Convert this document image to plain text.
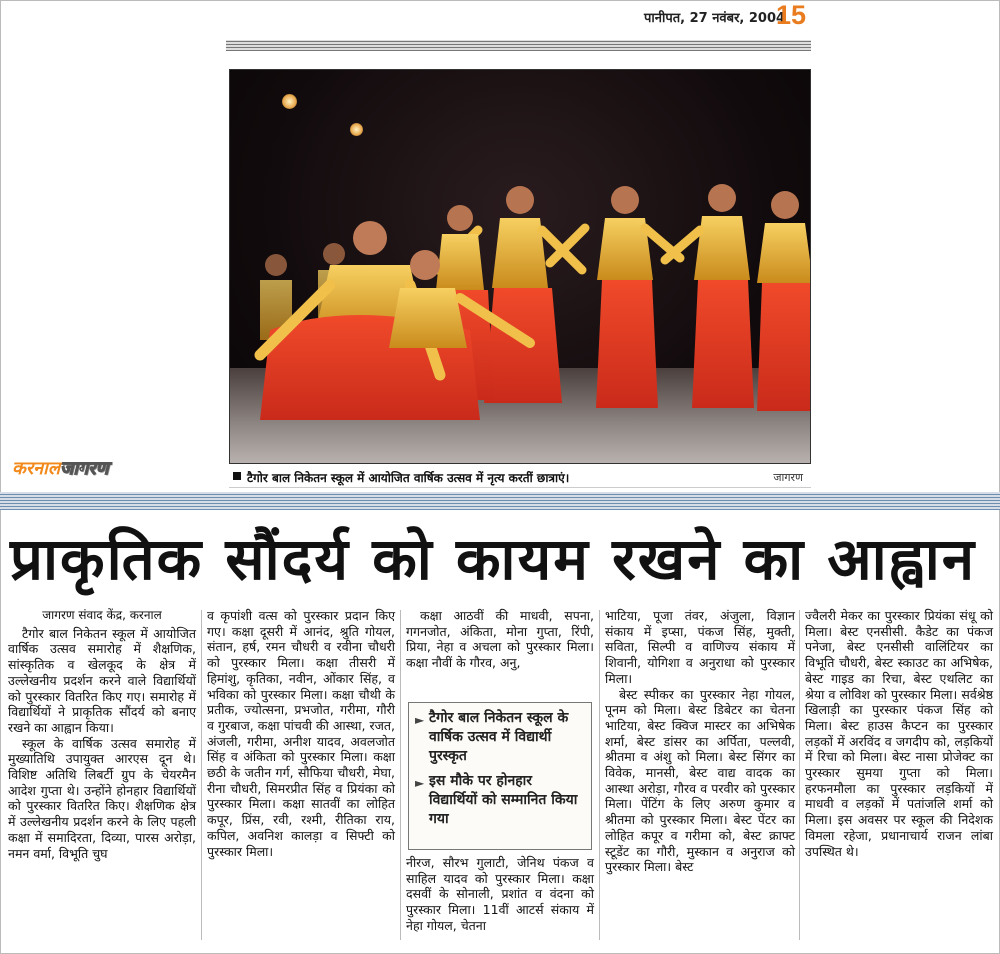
पानीपत, 27 नवंबर, 2004
15
करनालजागरण	टैगोर बाल निकेतन स्कूल में आयोजित वार्षिक उत्सव में नृत्य करतीं छात्राएं।	जागरण
प्राकृतिक सौंदर्य को कायम रखने का आह्वान
जागरण संवाद केंद्र, करनाल

टैगोर बाल निकेतन स्कूल में आयोजित वार्षिक उत्सव समारोह में शैक्षणिक, सांस्कृतिक व खेलकूद के क्षेत्र में उल्लेखनीय प्रदर्शन करने वाले विद्यार्थियों को पुरस्कार वितरित किए गए। समारोह में विद्यार्थियों ने प्राकृतिक सौंदर्य को बनाए रखने का आह्वान किया।

स्कूल के वार्षिक उत्सव समारोह में मुख्यातिथि उपायुक्त आरएस दून थे। विशिष्ट अतिथि लिबर्टी ग्रुप के चेयरमैन आदेश गुप्ता थे। उन्होंने होनहार विद्यार्थियों को पुरस्कार वितरित किए। शैक्षणिक क्षेत्र में उल्लेखनीय प्रदर्शन करने के लिए पहली कक्षा में समादिरता, दिव्या, पारस अरोड़ा, नमन वर्मा, विभूति चुघ

व कृपांशी वत्स को पुरस्कार प्रदान किए गए। कक्षा दूसरी में आनंद, श्रुति गोयल, संतान, हर्ष, रमन चौधरी व रवीना चौधरी को पुरस्कार मिला। कक्षा तीसरी में हिमांशु, कृतिका, नवीन, ओंकार सिंह, व भविका को पुरस्कार मिला। कक्षा चौथी के प्रतीक, ज्योत्सना, प्रभजोत, गरीमा, गौरी व गुरबाज, कक्षा पांचवी की आस्था, रजत, अंजली, गरीमा, अनीश यादव, अवलजोत सिंह व अंकिता को पुरस्कार मिला। कक्षा छठी के जतीन गर्ग, सौफिया चौधरी, मेघा, रीना चौधरी, सिमरप्रीत सिंह व प्रियंका को पुरस्कार मिला। कक्षा सातवीं का लोहित कपूर, प्रिंस, रवी, रश्मी, रीतिका राय, कपिल, अवनिश कालड़ा व सिफ्टी को पुरस्कार मिला।

कक्षा आठवीं की माधवी, सपना, गगनजोत, अंकिता, मोना गुप्ता, रिंपी, प्रिया, नेहा व अचला को पुरस्कार मिला। कक्षा नौवीं के गौरव, अनु,

► टैगोर बाल निकेतन स्कूल के वार्षिक उत्सव में विद्यार्थी पुरस्कृत
► इस मौके पर होनहार विद्यार्थियों को सम्मानित किया गया

नीरज, सौरभ गुलाटी, जेनिथ पंकज व साहिल यादव को पुरस्कार मिला। कक्षा दसवीं के सोनाली, प्रशांत व वंदना को पुरस्कार मिला। 11वीं आटर्स संकाय में नेहा गोयल, चेतना

भाटिया, पूजा तंवर, अंजुला, विज्ञान संकाय में इप्सा, पंकज सिंह, मुक्ती, सविता, सिल्पी व वाणिज्य संकाय में शिवानी, योगिशा व अनुराधा को पुरस्कार मिला।

बेस्ट स्पीकर का पुरस्कार नेहा गोयल, पूनम को मिला। बेस्ट डिबेटर का चेतना भाटिया, बेस्ट क्विज मास्टर का अभिषेक शर्मा, बेस्ट डांसर का अर्पिता, पल्लवी, श्रीतमा व अंशु को मिला। बेस्ट सिंगर का विवेक, मानसी, बेस्ट वाद्य वादक का आस्था अरोड़ा, गौरव व परवीर को पुरस्कार मिला। पेंटिंग के लिए अरुण कुमार व श्रीतमा को पुरस्कार मिला। बेस्ट पेंटर का लोहित कपूर व गरीमा को, बेस्ट क्राफ्ट स्टूडेंट का गौरी, मुस्कान व अनुराज को पुरस्कार मिला। बेस्ट

ज्वैलरी मेकर का पुरस्कार प्रियंका संधू को मिला। बेस्ट एनसीसी. कैडेट का पंकज पनेजा, बेस्ट एनसीसी वालिंटियर का विभूति चौधरी, बेस्ट स्काउट का अभिषेक, बेस्ट गाइड का रिचा, बेस्ट एथलिट का श्रेया व लोविश को पुरस्कार मिला। सर्वश्रेष्ठ खिलाड़ी का पुरस्कार पंकज सिंह को मिला। बेस्ट हाउस कैप्टन का पुरस्कार लड़कों में अरविंद व जगदीप को, लड़कियों में रिचा को मिला। बेस्ट नासा प्रोजेक्ट का पुरस्कार सुमया गुप्ता को मिला। हरफनमौला का पुरस्कार लड़कियों में माधवी व लड़कों में पतांजलि शर्मा को मिला। इस अवसर पर स्कूल की निदेशक विमला रहेजा, प्रधानाचार्य राजन लांबा उपस्थित थे।
